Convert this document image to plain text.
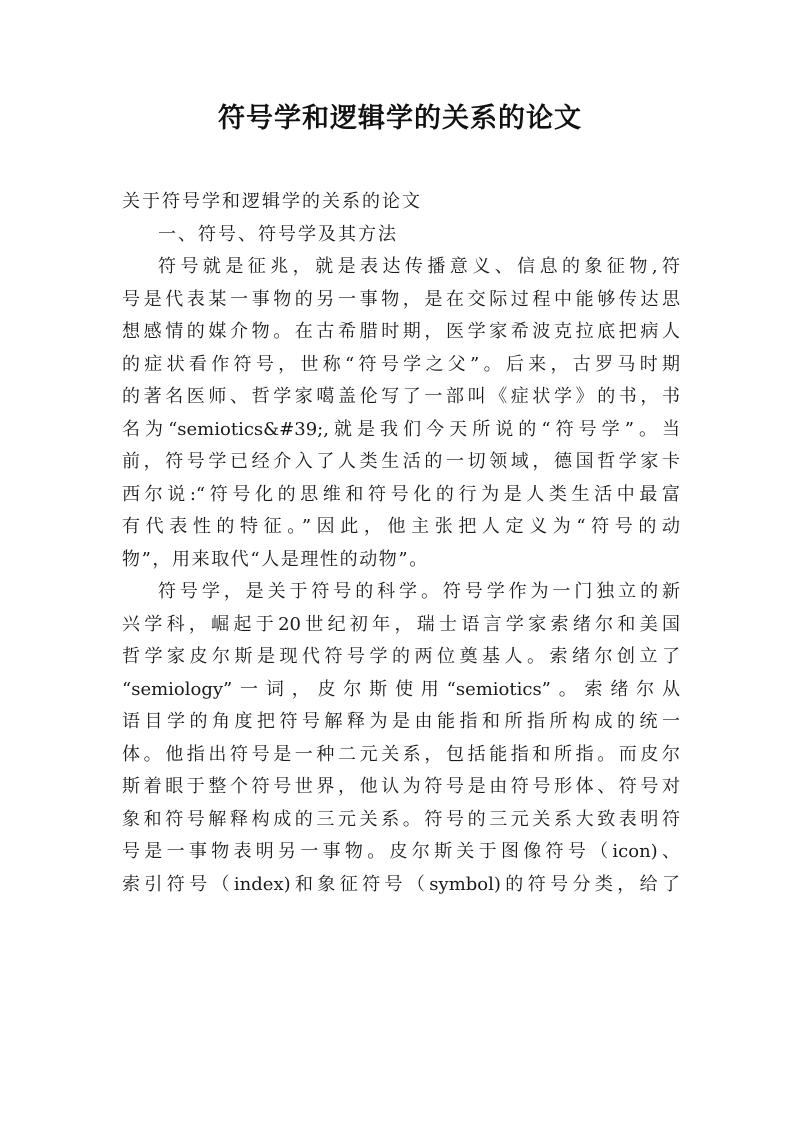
符号学和逻辑学的关系的论文
关于符号学和逻辑学的关系的论文
一、符号、符号学及其方法
符号就是征兆，就是表达传播意义、信息的象征物,符
号是代表某一事物的另一事物，是在交际过程中能够传达思
想感情的媒介物。在古希腊时期，医学家希波克拉底把病人
的症状看作符号，世称“符号学之父”。后来，古罗马时期
的著名医师、哲学家噶盖伦写了一部叫《症状学》的书，书
名为“semiotics&#39;,就是我们今天所说的“符号学”。当
前，符号学已经介入了人类生活的一切领域，德国哲学家卡
西尔说:“符号化的思维和符号化的行为是人类生活中最富
有代表性的特征。”因此，他主张把人定义为“符号的动
物”，用来取代“人是理性的动物”。
符号学，是关于符号的科学。符号学作为一门独立的新
兴学科，崛起于20世纪初年，瑞士语言学家索绪尔和美国
哲学家皮尔斯是现代符号学的两位奠基人。索绪尔创立了
“semiology”一词，皮尔斯使用“semiotics”。索绪尔从
语目学的角度把符号解释为是由能指和所指所构成的统一
体。他指出符号是一种二元关系，包括能指和所指。而皮尔
斯着眼于整个符号世界，他认为符号是由符号形体、符号对
象和符号解释构成的三元关系。符号的三元关系大致表明符
号是一事物表明另一事物。皮尔斯关于图像符号（icon)、
索引符号（index)和象征符号（symbol)的符号分类，给了
